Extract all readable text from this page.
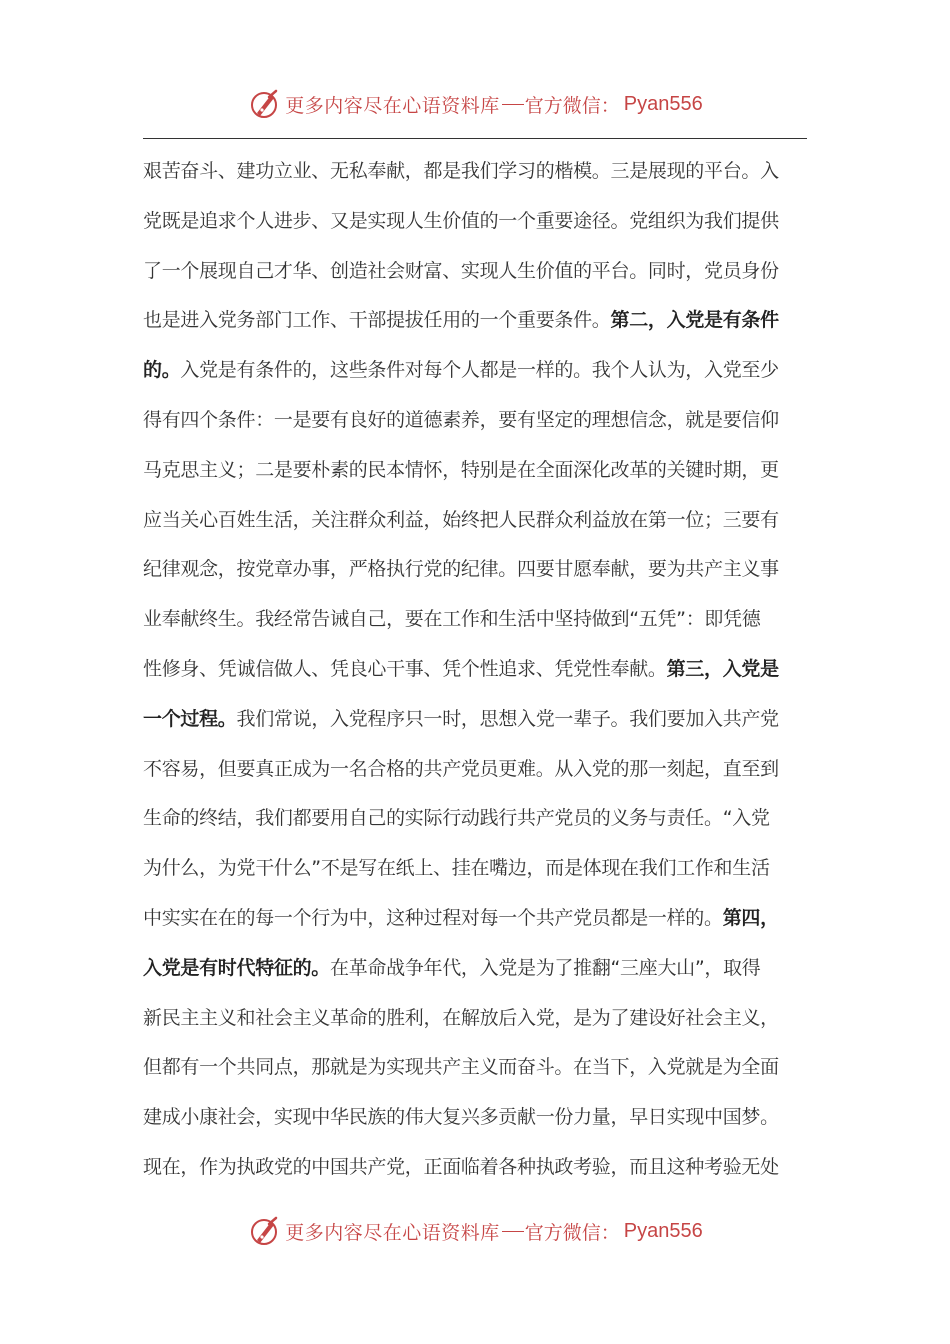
更多内容尽在心语资料库 官方微信： Pyan556
艰苦奋斗、建功立业、无私奉献，都是我们学习的楷模。三是展现的平台。入
党既是追求个人进步、又是实现人生价值的一个重要途径。党组织为我们提供
了一个展现自己才华、创造社会财富、实现人生价值的平台。同时，党员身份
也是进入党务部门工作、干部提拔任用的一个重要条件。第二，入党是有条件
的。入党是有条件的，这些条件对每个人都是一样的。我个人认为，入党至少
得有四个条件：一是要有良好的道德素养，要有坚定的理想信念，就是要信仰
马克思主义；二是要朴素的民本情怀，特别是在全面深化改革的关键时期，更
应当关心百姓生活，关注群众利益，始终把人民群众利益放在第一位；三要有
纪律观念，按党章办事，严格执行党的纪律。四要甘愿奉献，要为共产主义事
业奉献终生。我经常告诫自己，要在工作和生活中坚持做到“五凭”：即凭德
性修身、凭诚信做人、凭良心干事、凭个性追求、凭党性奉献。第三，入党是
一个过程。我们常说，入党程序只一时，思想入党一辈子。我们要加入共产党
不容易，但要真正成为一名合格的共产党员更难。从入党的那一刻起，直至到
生命的终结，我们都要用自己的实际行动践行共产党员的义务与责任。“入党
为什么，为党干什么”不是写在纸上、挂在嘴边，而是体现在我们工作和生活
中实实在在的每一个行为中，这种过程对每一个共产党员都是一样的。第四，
入党是有时代特征的。在革命战争年代，入党是为了推翻“三座大山”，取得
新民主主义和社会主义革命的胜利，在解放后入党，是为了建设好社会主义，
但都有一个共同点，那就是为实现共产主义而奋斗。在当下，入党就是为全面
建成小康社会，实现中华民族的伟大复兴多贡献一份力量，早日实现中国梦。
现在，作为执政党的中国共产党，正面临着各种执政考验，而且这种考验无处
更多内容尽在心语资料库 官方微信： Pyan556
